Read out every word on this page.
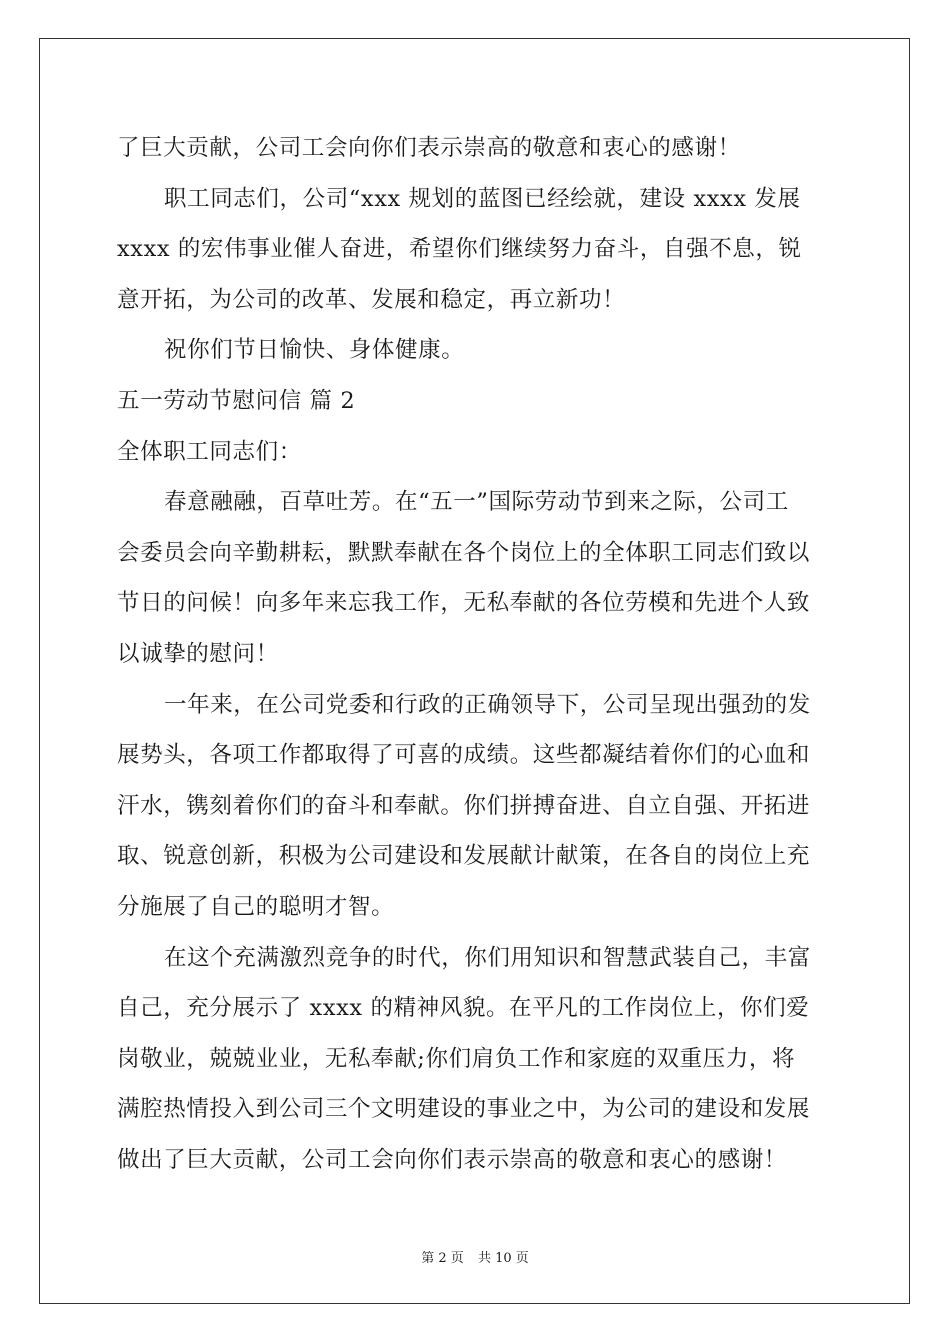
了巨大贡献，公司工会向你们表示崇高的敬意和衷心的感谢！
职工同志们，公司“xxx 规划的蓝图已经绘就，建设 xxxx 发展
xxxx 的宏伟事业催人奋进，希望你们继续努力奋斗，自强不息，锐
意开拓，为公司的改革、发展和稳定，再立新功！
祝你们节日愉快、身体健康。
五一劳动节慰问信 篇 2
全体职工同志们：
春意融融，百草吐芳。在“五一”国际劳动节到来之际，公司工
会委员会向辛勤耕耘，默默奉献在各个岗位上的全体职工同志们致以
节日的问候！向多年来忘我工作，无私奉献的各位劳模和先进个人致
以诚挚的慰问！
一年来，在公司党委和行政的正确领导下，公司呈现出强劲的发
展势头，各项工作都取得了可喜的成绩。这些都凝结着你们的心血和
汗水，镌刻着你们的奋斗和奉献。你们拼搏奋进、自立自强、开拓进
取、锐意创新，积极为公司建设和发展献计献策，在各自的岗位上充
分施展了自己的聪明才智。
在这个充满激烈竞争的时代，你们用知识和智慧武装自己，丰富
自己，充分展示了 xxxx 的精神风貌。在平凡的工作岗位上，你们爱
岗敬业，兢兢业业，无私奉献;你们肩负工作和家庭的双重压力，将
满腔热情投入到公司三个文明建设的事业之中，为公司的建设和发展
做出了巨大贡献，公司工会向你们表示崇高的敬意和衷心的感谢！
第 2 页 共 10 页
